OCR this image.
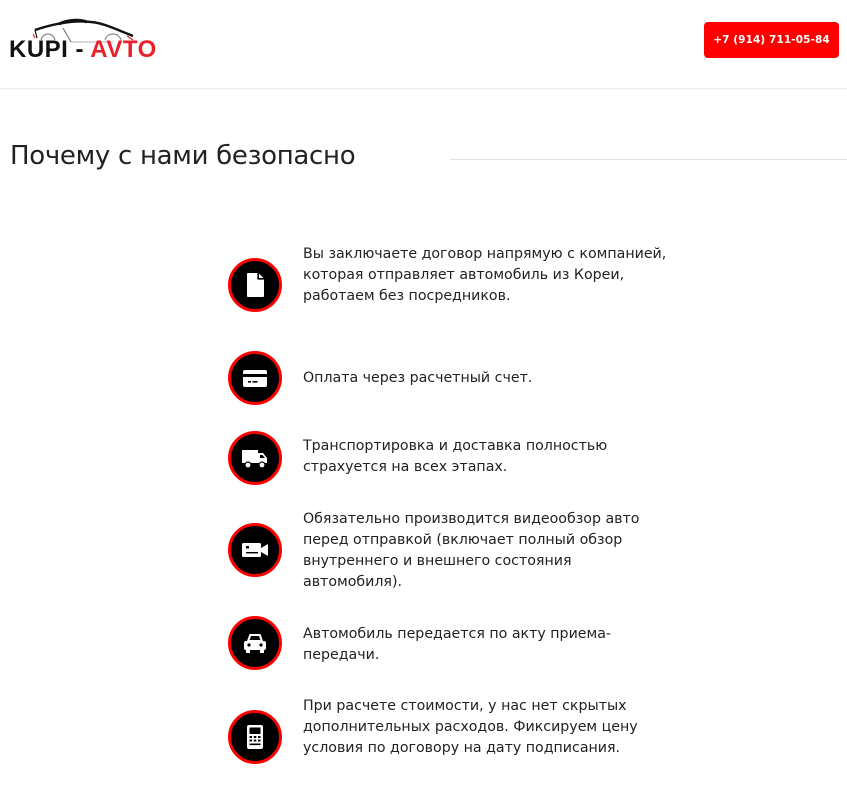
KUPI - AVTO	+7 (914) 711-05-84
Почему с нами безопасно
Вы заключаете договор напрямую с компанией, которая отправляет автомобиль из Кореи, работаем без посредников.
Оплата через расчетный счет.
Транспортировка и доставка полностью страхуется на всех этапах.
Обязательно производится видеообзор авто перед отправкой (включает полный обзор внутреннего и внешнего состояния автомобиля).
Автомобиль передается по акту приема-передачи.
При расчете стоимости, у нас нет скрытых дополнительных расходов. Фиксируем цену условия по договору на дату подписания.
